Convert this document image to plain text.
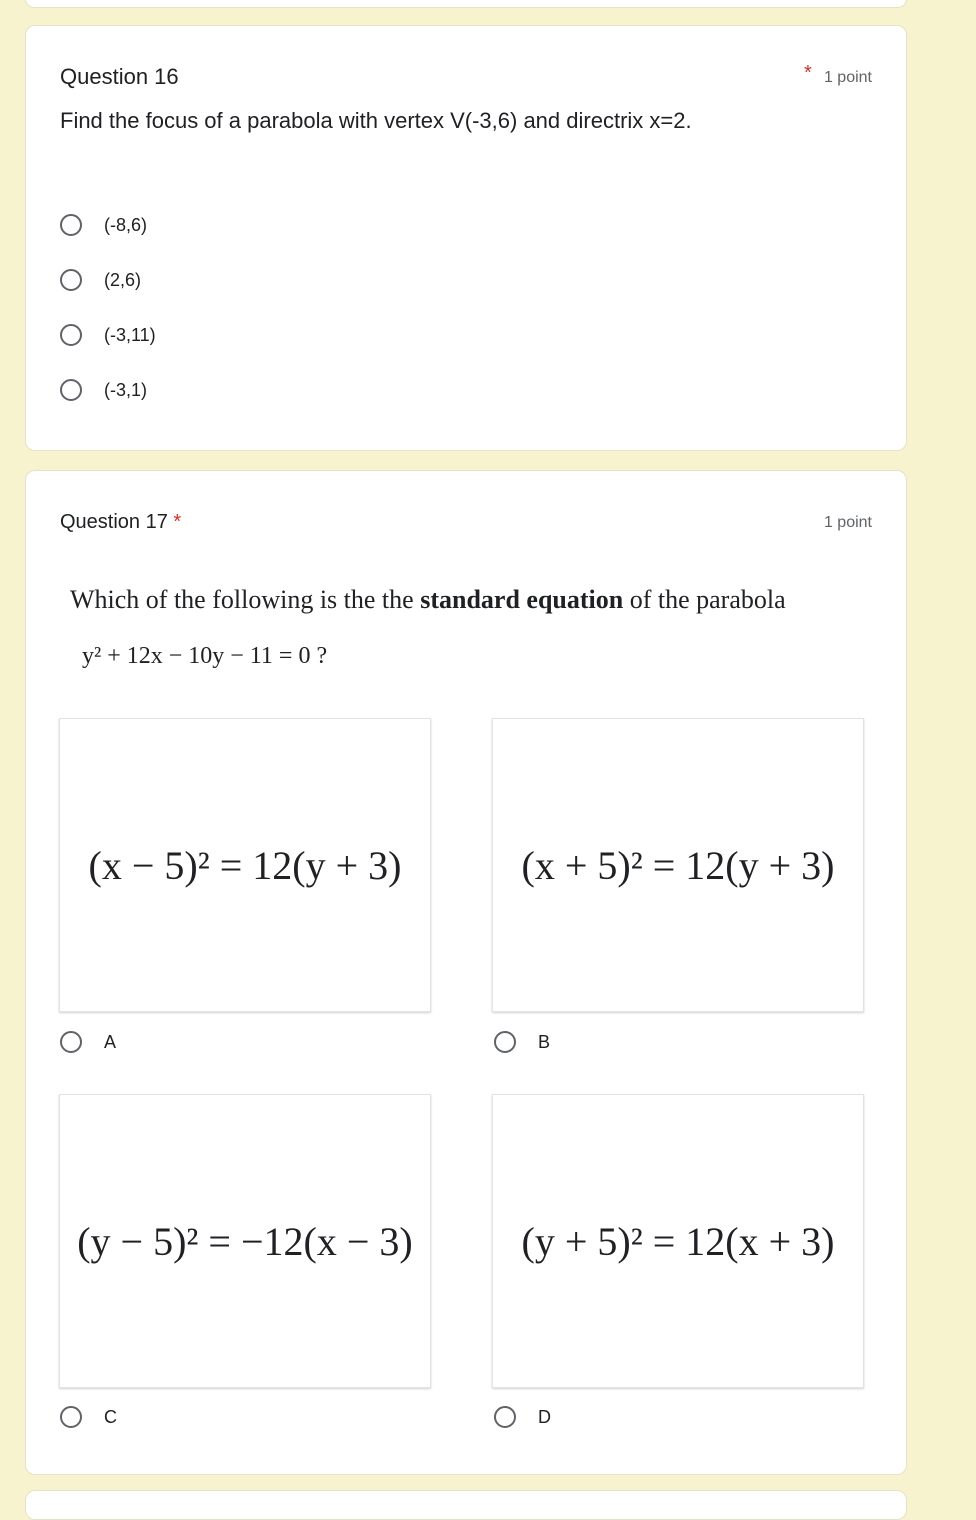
Question 16	* 1 point
Find the focus of a parabola with vertex V(-3,6) and directrix x=2.
(-8,6)
(2,6)
(-3,11)
(-3,1)
Question 17 *	1 point
Which of the following is the the standard equation of the parabola
y² + 12x − 10y − 11 = 0 ?
(x − 5)² = 12(y + 3)	(x + 5)² = 12(y + 3)
A	B
(y − 5)² = −12(x − 3)	(y + 5)² = 12(x + 3)
C	D
